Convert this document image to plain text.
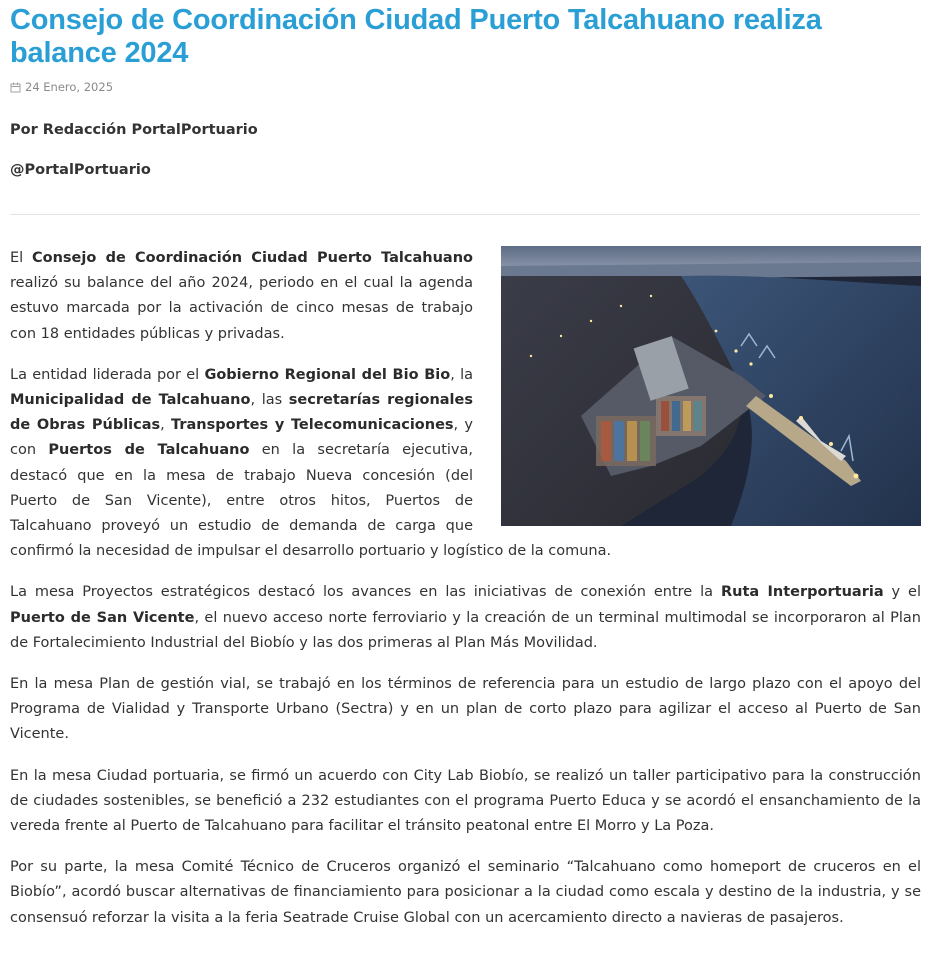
Consejo de Coordinación Ciudad Puerto Talcahuano realiza balance 2024
24 Enero, 2025

Por Redacción PortalPortuario

@PortalPortuario

El Consejo de Coordinación Ciudad Puerto Talcahuano realizó su balance del año 2024, periodo en el cual la agenda estuvo marcada por la activación de cinco mesas de trabajo con 18 entidades públicas y privadas.

La entidad liderada por el Gobierno Regional del Bio Bio, la Municipalidad de Talcahuano, las secretarías regionales de Obras Públicas, Transportes y Telecomunicaciones, y con Puertos de Talcahuano en la secretaría ejecutiva, destacó que en la mesa de trabajo Nueva concesión (del Puerto de San Vicente), entre otros hitos, Puertos de Talcahuano proveyó un estudio de demanda de carga que confirmó la necesidad de impulsar el desarrollo portuario y logístico de la comuna.

La mesa Proyectos estratégicos destacó los avances en las iniciativas de conexión entre la Ruta Interportuaria y el Puerto de San Vicente, el nuevo acceso norte ferroviario y la creación de un terminal multimodal se incorporaron al Plan de Fortalecimiento Industrial del Biobío y las dos primeras al Plan Más Movilidad.

En la mesa Plan de gestión vial, se trabajó en los términos de referencia para un estudio de largo plazo con el apoyo del Programa de Vialidad y Transporte Urbano (Sectra) y en un plan de corto plazo para agilizar el acceso al Puerto de San Vicente.

En la mesa Ciudad portuaria, se firmó un acuerdo con City Lab Biobío, se realizó un taller participativo para la construcción de ciudades sostenibles, se benefició a 232 estudiantes con el programa Puerto Educa y se acordó el ensanchamiento de la vereda frente al Puerto de Talcahuano para facilitar el tránsito peatonal entre El Morro y La Poza.

Por su parte, la mesa Comité Técnico de Cruceros organizó el seminario “Talcahuano como homeport de cruceros en el Biobío”, acordó buscar alternativas de financiamiento para posicionar a la ciudad como escala y destino de la industria, y se consensuó reforzar la visita a la feria Seatrade Cruise Global con un acercamiento directo a navieras de pasajeros.
